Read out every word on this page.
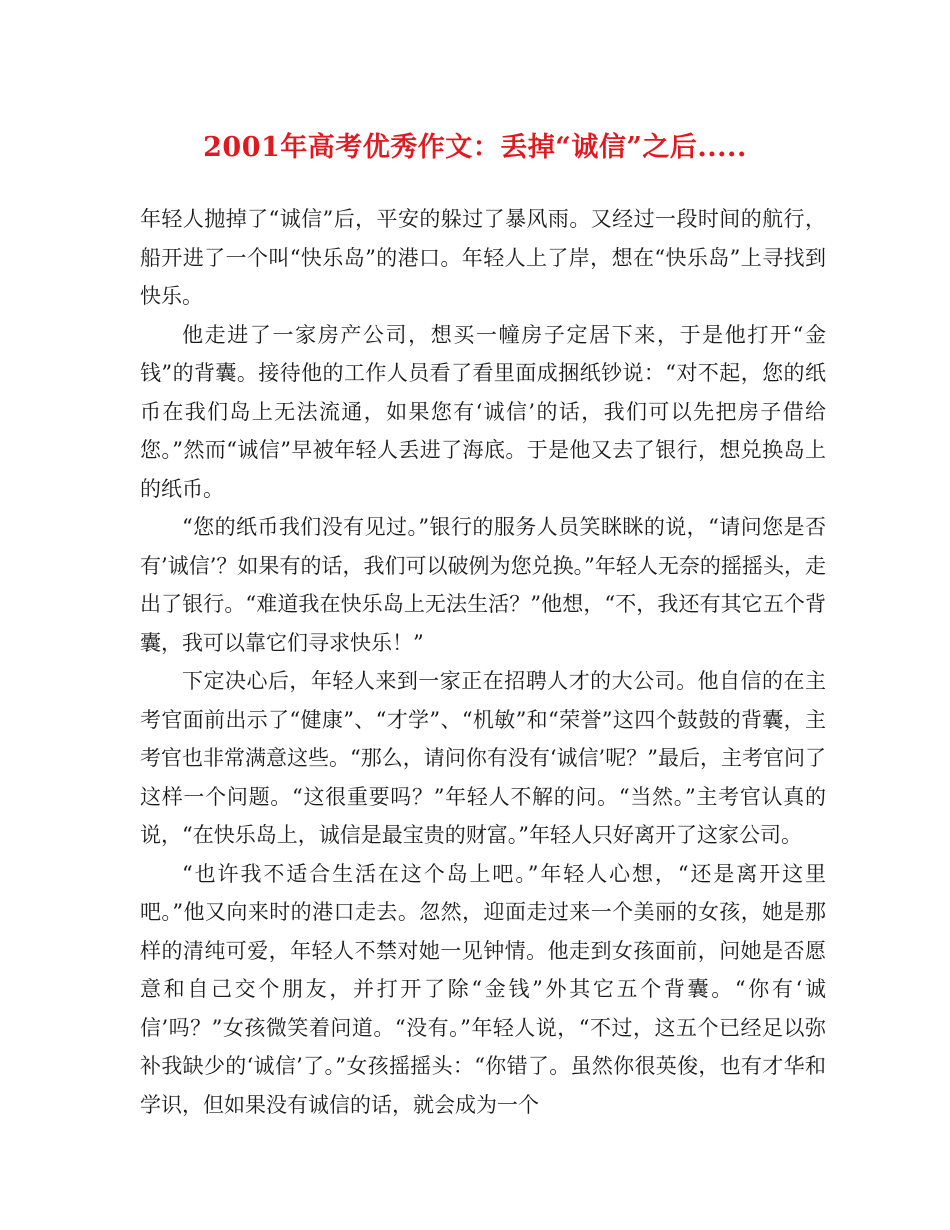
2001年高考优秀作文：丢掉“诚信”之后.....

年轻人抛掉了“诚信”后，平安的躲过了暴风雨。又经过一段时间的航行，船开进了一个叫“快乐岛”的港口。年轻人上了岸，想在“快乐岛”上寻找到快乐。

他走进了一家房产公司，想买一幢房子定居下来，于是他打开“金钱”的背囊。接待他的工作人员看了看里面成捆纸钞说：“对不起，您的纸币在我们岛上无法流通，如果您有‘诚信’的话，我们可以先把房子借给您。”然而“诚信”早被年轻人丢进了海底。于是他又去了银行，想兑换岛上的纸币。

“您的纸币我们没有见过。”银行的服务人员笑眯眯的说，“请问您是否有’诚信’？如果有的话，我们可以破例为您兑换。”年轻人无奈的摇摇头，走出了银行。“难道我在快乐岛上无法生活？”他想，“不，我还有其它五个背囊，我可以靠它们寻求快乐！”

下定决心后，年轻人来到一家正在招聘人才的大公司。他自信的在主考官面前出示了“健康”、“才学”、“机敏”和“荣誉”这四个鼓鼓的背囊，主考官也非常满意这些。“那么，请问你有没有‘诚信’呢？”最后，主考官问了这样一个问题。“这很重要吗？”年轻人不解的问。“当然。”主考官认真的说，“在快乐岛上，诚信是最宝贵的财富。”年轻人只好离开了这家公司。

“也许我不适合生活在这个岛上吧。”年轻人心想，“还是离开这里吧。”他又向来时的港口走去。忽然，迎面走过来一个美丽的女孩，她是那样的清纯可爱，年轻人不禁对她一见钟情。他走到女孩面前，问她是否愿意和自己交个朋友，并打开了除“金钱”外其它五个背囊。“你有‘诚信’吗？”女孩微笑着问道。“没有。”年轻人说，“不过，这五个已经足以弥补我缺少的‘诚信’了。”女孩摇摇头：“你错了。虽然你很英俊，也有才华和学识，但如果没有诚信的话，就会成为一个
